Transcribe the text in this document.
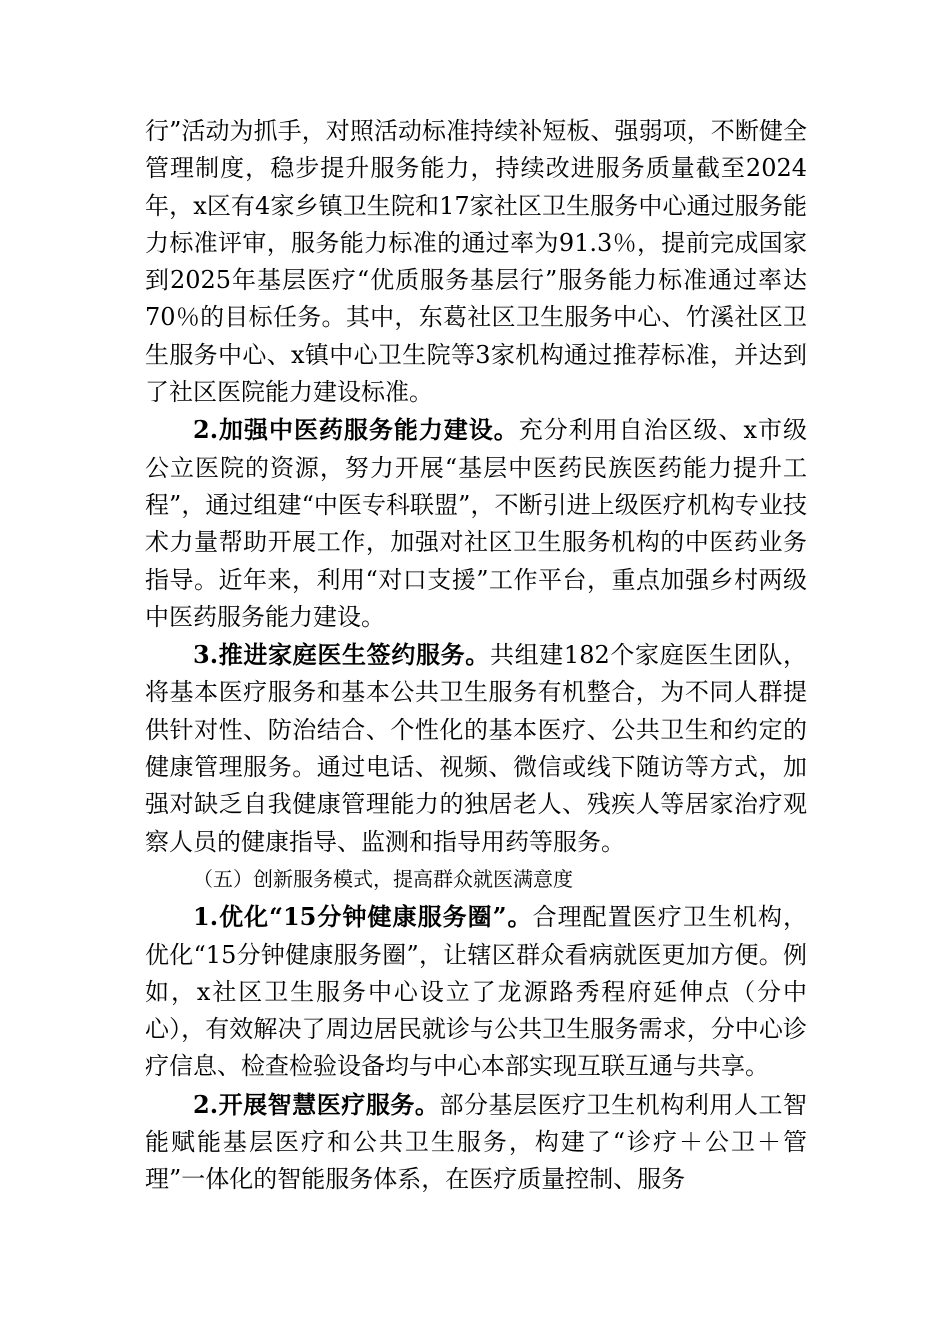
行”活动为抓手，对照活动标准持续补短板、强弱项，不断健全管理制度，稳步提升服务能力，持续改进服务质量截至2024年，x区有4家乡镇卫生院和17家社区卫生服务中心通过服务能力标准评审，服务能力标准的通过率为91.3％，提前完成国家到2025年基层医疗“优质服务基层行”服务能力标准通过率达70％的目标任务。其中，东葛社区卫生服务中心、竹溪社区卫生服务中心、x镇中心卫生院等3家机构通过推荐标准，并达到了社区医院能力建设标准。

2.加强中医药服务能力建设。充分利用自治区级、x市级公立医院的资源，努力开展“基层中医药民族医药能力提升工程”，通过组建“中医专科联盟”，不断引进上级医疗机构专业技术力量帮助开展工作，加强对社区卫生服务机构的中医药业务指导。近年来，利用“对口支援”工作平台，重点加强乡村两级中医药服务能力建设。

3.推进家庭医生签约服务。共组建182个家庭医生团队，将基本医疗服务和基本公共卫生服务有机整合，为不同人群提供针对性、防治结合、个性化的基本医疗、公共卫生和约定的健康管理服务。通过电话、视频、微信或线下随访等方式，加强对缺乏自我健康管理能力的独居老人、残疾人等居家治疗观察人员的健康指导、监测和指导用药等服务。

（五）创新服务模式，提高群众就医满意度

1.优化“15分钟健康服务圈”。合理配置医疗卫生机构，优化“15分钟健康服务圈”，让辖区群众看病就医更加方便。例如，x社区卫生服务中心设立了龙源路秀程府延伸点（分中心），有效解决了周边居民就诊与公共卫生服务需求，分中心诊疗信息、检查检验设备均与中心本部实现互联互通与共享。

2.开展智慧医疗服务。部分基层医疗卫生机构利用人工智能赋能基层医疗和公共卫生服务，构建了“诊疗＋公卫＋管理”一体化的智能服务体系，在医疗质量控制、服务
